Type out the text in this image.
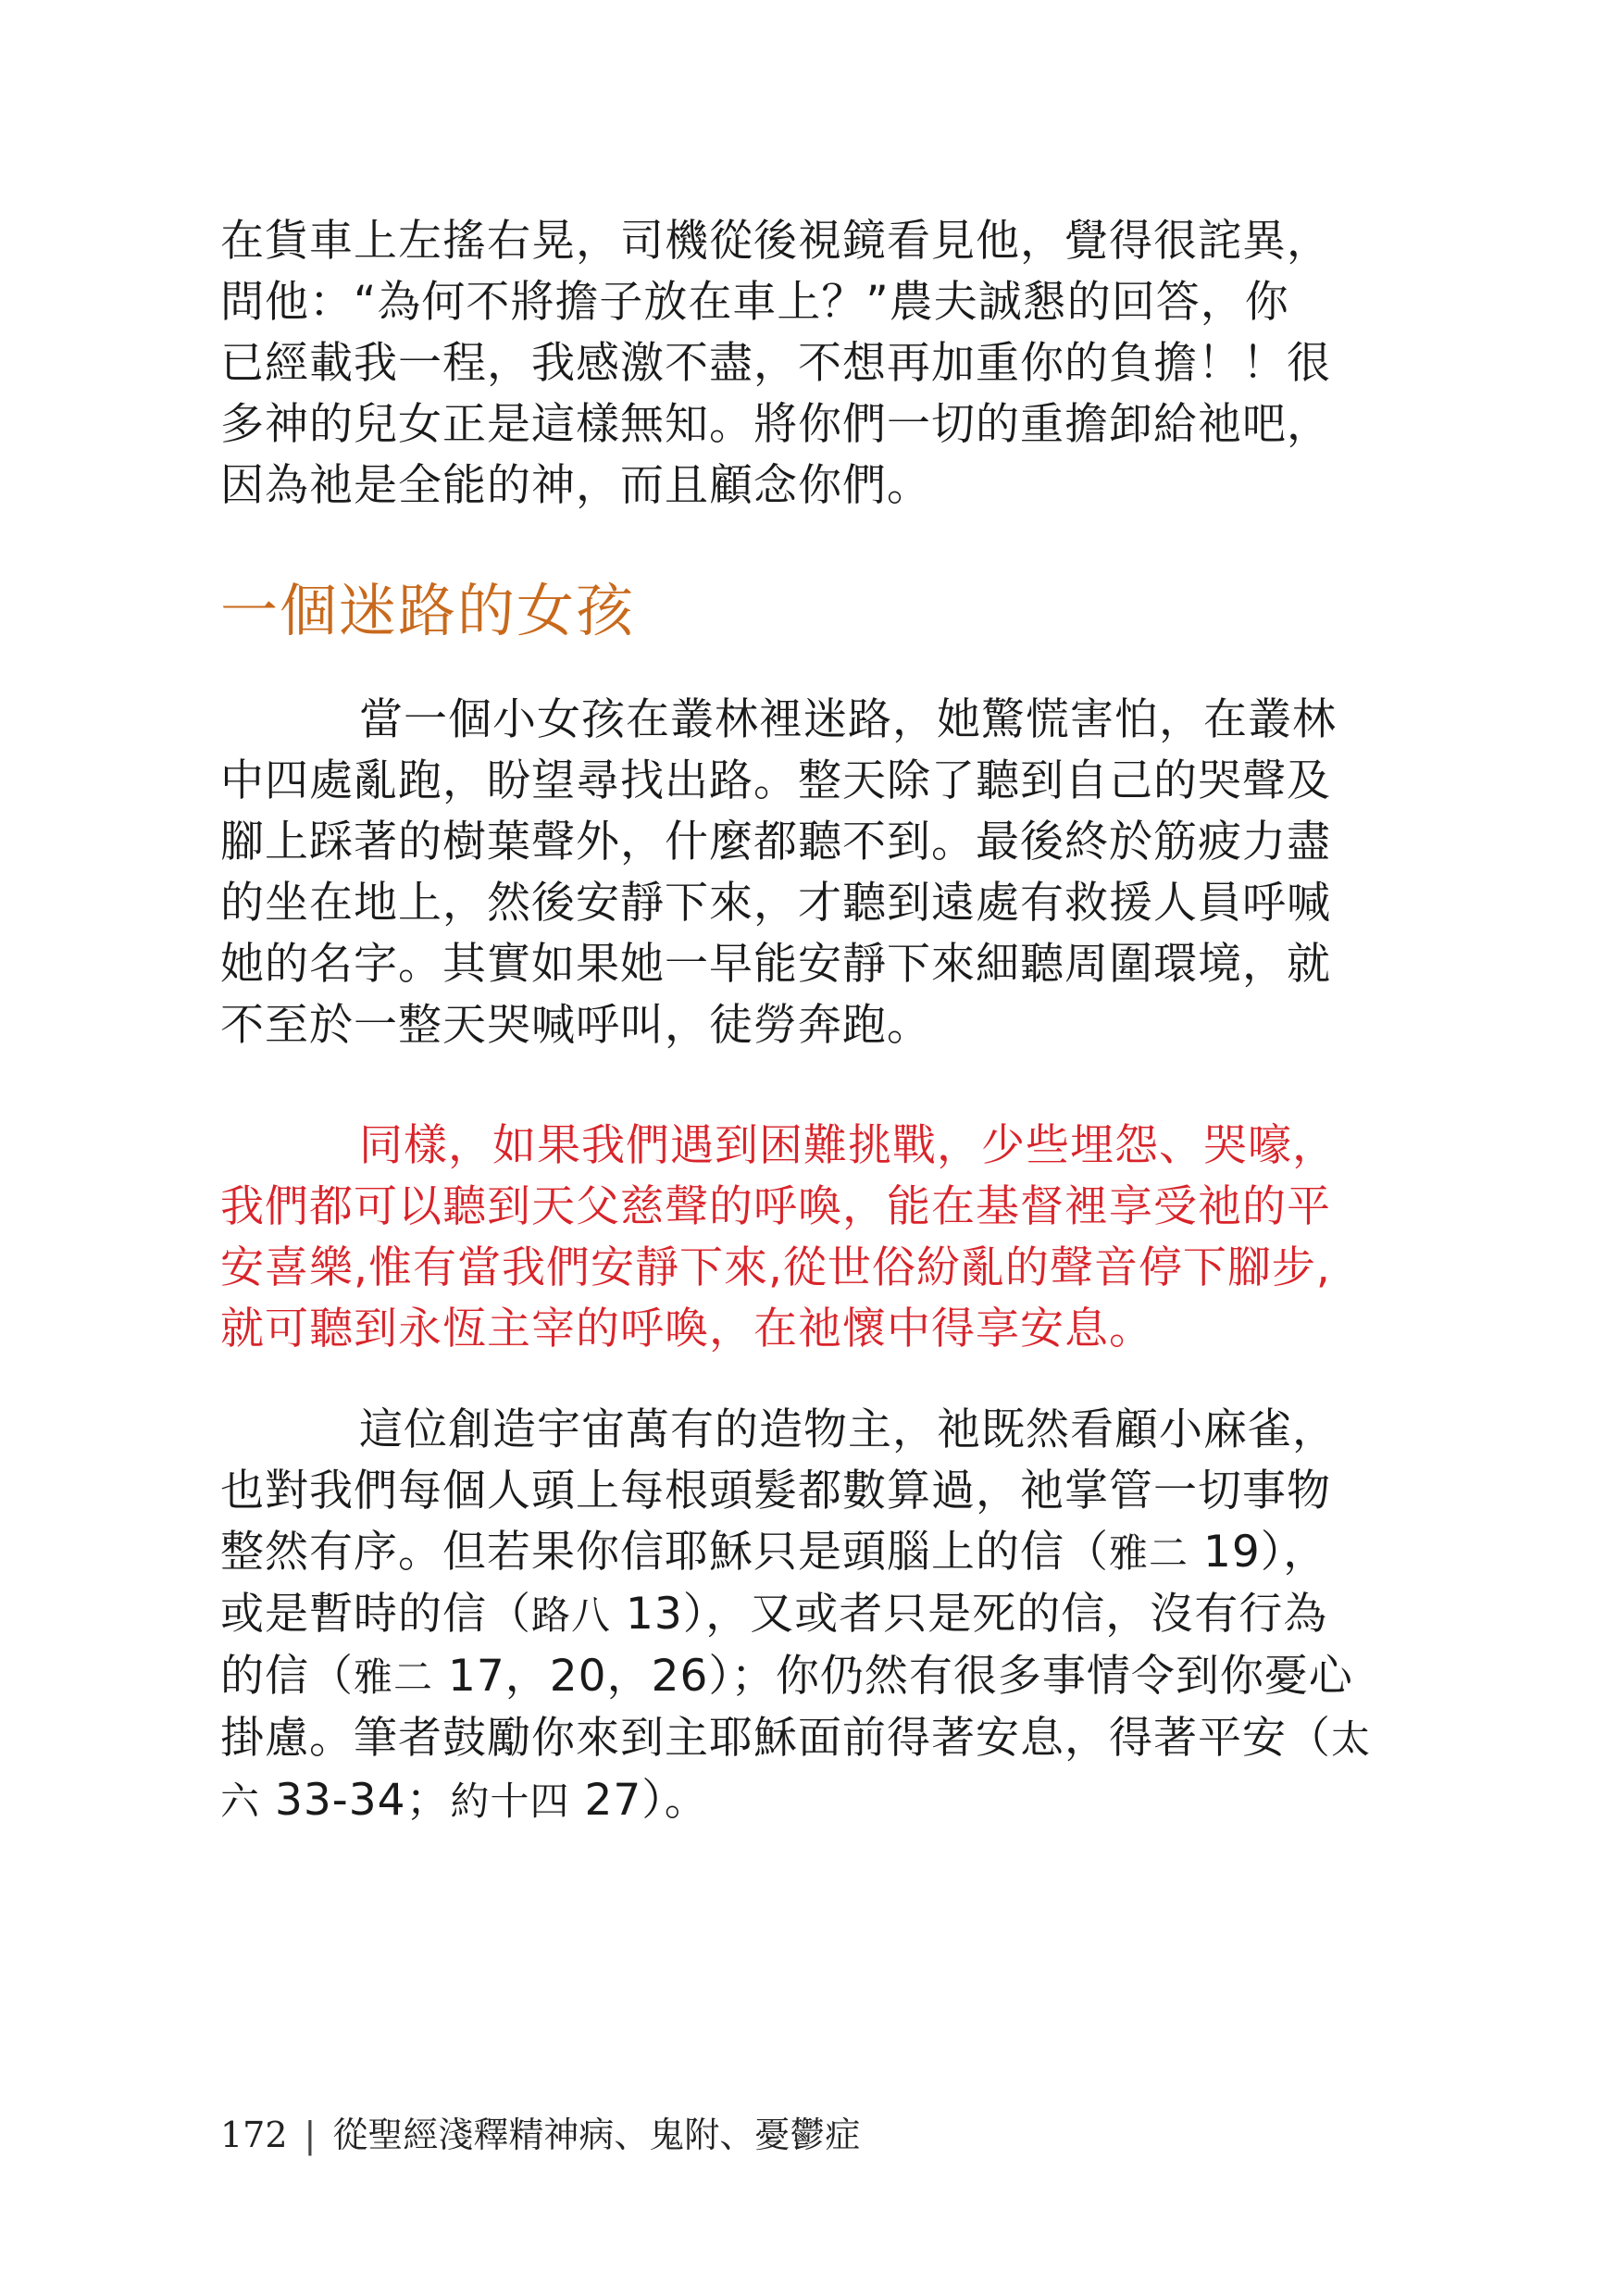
在貨車上左搖右晃，司機從後視鏡看見他，覺得很詫異，
問他：“為何不將擔子放在車上？”農夫誠懇的回答，你
已經載我一程，我感激不盡，不想再加重你的負擔！！很
多神的兒女正是這樣無知。將你們一切的重擔卸給祂吧，
因為祂是全能的神，而且顧念你們。
一個迷路的女孩
當一個小女孩在叢林裡迷路，她驚慌害怕，在叢林
中四處亂跑，盼望尋找出路。整天除了聽到自己的哭聲及
腳上踩著的樹葉聲外，什麼都聽不到。最後終於筋疲力盡
的坐在地上，然後安靜下來，才聽到遠處有救援人員呼喊
她的名字。其實如果她一早能安靜下來細聽周圍環境，就
不至於一整天哭喊呼叫，徒勞奔跑。
同樣，如果我們遇到困難挑戰，少些埋怨、哭嚎，
我們都可以聽到天父慈聲的呼喚，能在基督裡享受祂的平
安喜樂,惟有當我們安靜下來,從世俗紛亂的聲音停下腳步,
就可聽到永恆主宰的呼喚，在祂懷中得享安息。
這位創造宇宙萬有的造物主，祂既然看顧小麻雀，
也對我們每個人頭上每根頭髮都數算過，祂掌管一切事物
整然有序。但若果你信耶穌只是頭腦上的信（雅二 19），
或是暫時的信（路八 13），又或者只是死的信，沒有行為
的信（雅二 17，20，26）；你仍然有很多事情令到你憂心
掛慮。筆者鼓勵你來到主耶穌面前得著安息，得著平安（太
六 33-34；約十四 27）。
172 | 從聖經淺釋精神病、鬼附、憂鬱症
